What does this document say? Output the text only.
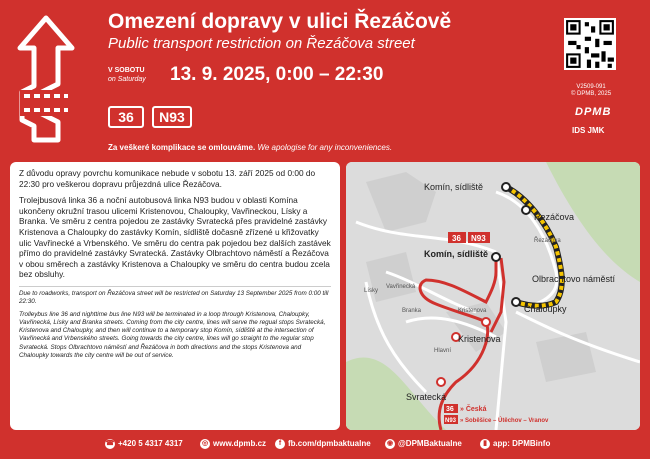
Omezení dopravy v ulici Řezáčově
Public transport restriction on Řezáčova street
V SOBOTU
on Saturday 13. 9. 2025, 0:00 – 22:30
36	N93
Za veškeré komplikace se omlouváme. We apologise for any inconveniences.
V2509-091
© DPMB, 2025
DPMB
IDS JMK

Z důvodu opravy povrchu komunikace nebude v sobotu 13. září 2025 od 0:00 do 22:30 pro veškerou dopravu průjezdná ulice Řezáčova.

Trolejbusová linka 36 a noční autobusová linka N93 budou v oblasti Komína ukončeny okružní trasou ulicemi Kristenovou, Chaloupky, Vavřineckou, Lísky a Branka. Ve směru z centra pojedou ze zastávky Svratecká přes pravidelné zastávky Kristenova a Chaloupky do zastávky Komín, sídliště dočasně zřízené u křižovatky ulic Vavřinecké a Vrbenského. Ve směru do centra pak pojedou bez dalších zastávek přímo do pravidelné zastávky Svratecká. Zastávky Olbrachtovo náměstí a Řezáčova v obou směrech a zastávky Kristenova a Chaloupky ve směru do centra budou zcela bez obsluhy.

Due to roadworks, transport on Řezáčova street will be restricted on Saturday 13 September 2025 from 0:00 till 22:30.

Trolleybus line 36 and nighttime bus line N93 will be terminated in a loop through Kristenova, Chaloupky, Vavřinecká, Lísky and Branka streets. Coming from the city centre, lines will serve the regual stops Svratecká, Kristenova and Chaloupky, and then will continue to a temporary stop Komín, sídliště at the intersection of Vavřinecká and Vrbenského streets. Going towards the city centre, lines will go straight to the regular stop Svratecká. Stops Olbrachtovo náměstí and Řezáčova in both directions and the stops Kristenova and Chaloupky towards the city centre will be out of service.

Komín, sídliště
Řezáčova
Komín, sídliště
Olbrachtovo náměstí
Chaloupky
Kristenova
Svratecká
Řezáčova
Vavřinecká
Kristenova
Branka
Lísky
Hlavní
36 N93
36 » Česká
N93 » Soběšice – Útěchov – Vranov
☎ +420 5 4317 4317	◎ www.dpmb.cz	f fb.com/dpmbaktualne ◉ @DPMBaktualne	▮ app: DPMBinfo
